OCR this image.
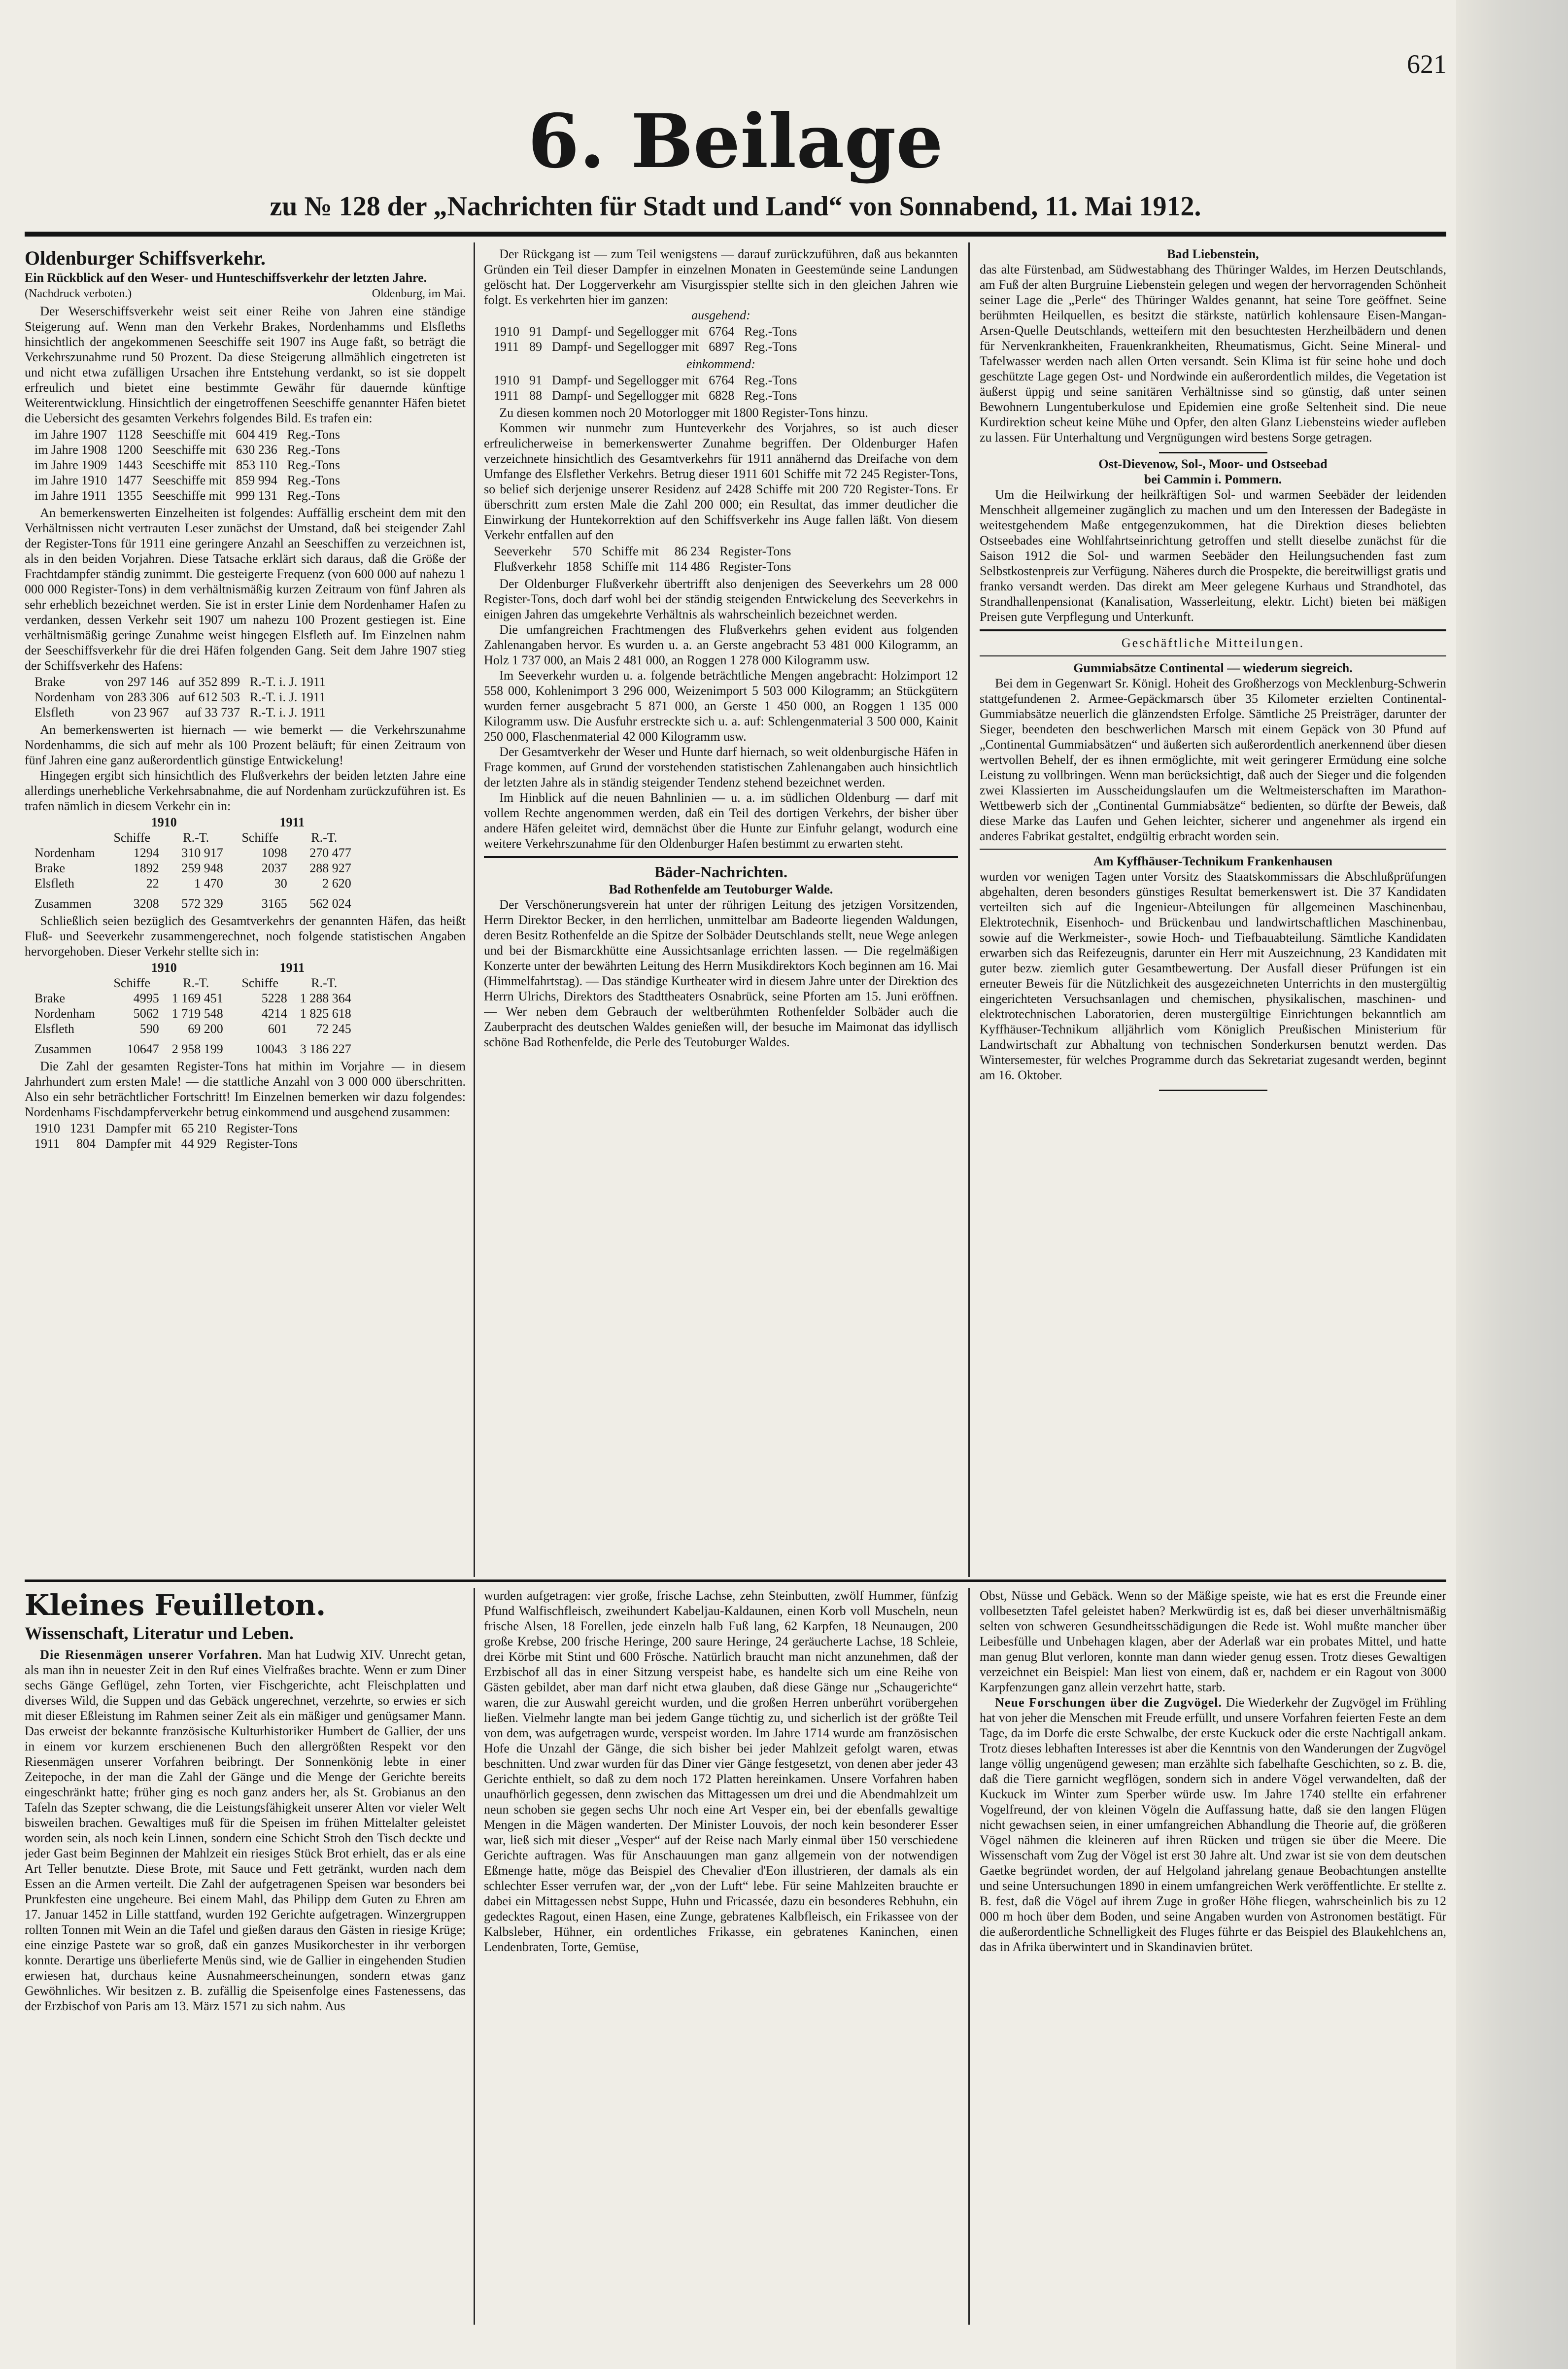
621
6. Beilage
zu № 128 der „Nachrichten für Stadt und Land“ von Sonnabend, 11. Mai 1912.
Oldenburger Schiffsverkehr.
Ein Rückblick auf den Weser- und Hunteschiffsverkehr der letzten Jahre.
(Nachdruck verboten.)	Oldenburg, im Mai.

Der Weserschiffsverkehr weist seit einer Reihe von Jahren eine ständige Steigerung auf. Wenn man den Verkehr Brakes, Nordenhamms und Elsfleths hinsichtlich der angekommenen Seeschiffe seit 1907 ins Auge faßt, so beträgt die Verkehrszunahme rund 50 Prozent. Da diese Steigerung allmählich eingetreten ist und nicht etwa zufälligen Ursachen ihre Entstehung verdankt, so ist sie doppelt erfreulich und bietet eine bestimmte Gewähr für dauernde künftige Weiterentwicklung. Hinsichtlich der eingetroffenen Seeschiffe genannter Häfen bietet die Uebersicht des gesamten Verkehrs folgendes Bild. Es trafen ein:

im Jahre 1907	1128	Seeschiffe mit	604 419	Reg.-Tons
im Jahre 1908	1200	Seeschiffe mit	630 236	Reg.-Tons
im Jahre 1909	1443	Seeschiffe mit	853 110	Reg.-Tons
im Jahre 1910	1477	Seeschiffe mit	859 994	Reg.-Tons
im Jahre 1911	1355	Seeschiffe mit	999 131	Reg.-Tons

An bemerkenswerten Einzelheiten ist folgendes: Auffällig erscheint dem mit den Verhältnissen nicht vertrauten Leser zunächst der Umstand, daß bei steigender Zahl der Register-Tons für 1911 eine geringere Anzahl an Seeschiffen zu verzeichnen ist, als in den beiden Vorjahren. Diese Tatsache erklärt sich daraus, daß die Größe der Frachtdampfer ständig zunimmt. Die gesteigerte Frequenz (von 600 000 auf nahezu 1 000 000 Register-Tons) in dem verhältnismäßig kurzen Zeitraum von fünf Jahren als sehr erheblich bezeichnet werden. Sie ist in erster Linie dem Nordenhamer Hafen zu verdanken, dessen Verkehr seit 1907 um nahezu 100 Prozent gestiegen ist. Eine verhältnismäßig geringe Zunahme weist hingegen Elsfleth auf. Im Einzelnen nahm der Seeschiffsverkehr für die drei Häfen folgenden Gang. Seit dem Jahre 1907 stieg der Schiffsverkehr des Hafens:

Brake	von 297 146	auf 352 899	R.-T. i. J. 1911
Nordenham	von 283 306	auf 612 503	R.-T. i. J. 1911
Elsfleth	von 23 967	auf 33 737	R.-T. i. J. 1911

An bemerkenswerten ist hiernach — wie bemerkt — die Verkehrszunahme Nordenhamms, die sich auf mehr als 100 Prozent beläuft; für einen Zeitraum von fünf Jahren eine ganz außerordentlich günstige Entwickelung!

Hingegen ergibt sich hinsichtlich des Flußverkehrs der beiden letzten Jahre eine allerdings unerhebliche Verkehrsabnahme, die auf Nordenham zurückzuführen ist. Es trafen nämlich in diesem Verkehr ein in:

	1910		1911	
	Schiffe	R.-T.	Schiffe	R.-T.
Nordenham	1294	310 917	1098	270 477
Brake	1892	259 948	2037	288 927
Elsfleth	22	1 470	30	2 620
Zusammen	3208	572 329	3165	562 024

Schließlich seien bezüglich des Gesamtverkehrs der genannten Häfen, das heißt Fluß- und Seeverkehr zusammengerechnet, noch folgende statistischen Angaben hervorgehoben. Dieser Verkehr stellte sich in:

	1910		1911	
	Schiffe	R.-T.	Schiffe	R.-T.
Brake	4995	1 169 451	5228	1 288 364
Nordenham	5062	1 719 548	4214	1 825 618
Elsfleth	590	69 200	601	72 245
Zusammen	10647	2 958 199	10043	3 186 227

Die Zahl der gesamten Register-Tons hat mithin im Vorjahre — in diesem Jahrhundert zum ersten Male! — die stattliche Anzahl von 3 000 000 überschritten. Also ein sehr beträchtlicher Fortschritt! Im Einzelnen bemerken wir dazu folgendes: Nordenhams Fischdampferverkehr betrug einkommend und ausgehend zusammen:

1910	1231	Dampfer mit	65 210	Register-Tons
1911	804	Dampfer mit	44 929	Register-Tons

Der Rückgang ist — zum Teil wenigstens — darauf zurückzuführen, daß aus bekannten Gründen ein Teil dieser Dampfer in einzelnen Monaten in Geestemünde seine Landungen gelöscht hat. Der Loggerverkehr am Visurgisspier stellte sich in den gleichen Jahren wie folgt. Es verkehrten hier im ganzen:

ausgehend:
1910	91	Dampf- und Segellogger mit	6764	Reg.-Tons
1911	89	Dampf- und Segellogger mit	6897	Reg.-Tons
einkommend:
1910	91	Dampf- und Segellogger mit	6764	Reg.-Tons
1911	88	Dampf- und Segellogger mit	6828	Reg.-Tons

Zu diesen kommen noch 20 Motorlogger mit 1800 Register-Tons hinzu.

Kommen wir nunmehr zum Hunteverkehr des Vorjahres, so ist auch dieser erfreulicherweise in bemerkenswerter Zunahme begriffen. Der Oldenburger Hafen verzeichnete hinsichtlich des Gesamtverkehrs für 1911 annähernd das Dreifache von dem Umfange des Elsflether Verkehrs. Betrug dieser 1911 601 Schiffe mit 72 245 Register-Tons, so belief sich derjenige unserer Residenz auf 2428 Schiffe mit 200 720 Register-Tons. Er überschritt zum ersten Male die Zahl 200 000; ein Resultat, das immer deutlicher die Einwirkung der Huntekorrektion auf den Schiffsverkehr ins Auge fallen läßt. Von diesem Verkehr entfallen auf den

Seeverkehr	570	Schiffe mit	86 234	Register-Tons
Flußverkehr	1858	Schiffe mit	114 486	Register-Tons

Der Oldenburger Flußverkehr übertrifft also denjenigen des Seeverkehrs um 28 000 Register-Tons, doch darf wohl bei der ständig steigenden Entwickelung des Seeverkehrs in einigen Jahren das umgekehrte Verhältnis als wahrscheinlich bezeichnet werden.

Die umfangreichen Frachtmengen des Flußverkehrs gehen evident aus folgenden Zahlenangaben hervor. Es wurden u. a. an Gerste angebracht 53 481 000 Kilogramm, an Holz 1 737 000, an Mais 2 481 000, an Roggen 1 278 000 Kilogramm usw.

Im Seeverkehr wurden u. a. folgende beträchtliche Mengen angebracht: Holzimport 12 558 000, Kohlenimport 3 296 000, Weizenimport 5 503 000 Kilogramm; an Stückgütern wurden ferner ausgebracht 5 871 000, an Gerste 1 450 000, an Roggen 1 135 000 Kilogramm usw. Die Ausfuhr erstreckte sich u. a. auf: Schlengenmaterial 3 500 000, Kainit 250 000, Flaschenmaterial 42 000 Kilogramm usw.

Der Gesamtverkehr der Weser und Hunte darf hiernach, so weit oldenburgische Häfen in Frage kommen, auf Grund der vorstehenden statistischen Zahlenangaben auch hinsichtlich der letzten Jahre als in ständig steigender Tendenz stehend bezeichnet werden.

Im Hinblick auf die neuen Bahnlinien — u. a. im südlichen Oldenburg — darf mit vollem Rechte angenommen werden, daß ein Teil des dortigen Verkehrs, der bisher über andere Häfen geleitet wird, demnächst über die Hunte zur Einfuhr gelangt, wodurch eine weitere Verkehrszunahme für den Oldenburger Hafen bestimmt zu erwarten steht.

Bäder-Nachrichten.
Bad Rothenfelde am Teutoburger Walde.

Der Verschönerungsverein hat unter der rührigen Leitung des jetzigen Vorsitzenden, Herrn Direktor Becker, in den herrlichen, unmittelbar am Badeorte liegenden Waldungen, deren Besitz Rothenfelde an die Spitze der Solbäder Deutschlands stellt, neue Wege anlegen und bei der Bismarckhütte eine Aussichtsanlage errichten lassen. — Die regelmäßigen Konzerte unter der bewährten Leitung des Herrn Musikdirektors Koch beginnen am 16. Mai (Himmelfahrtstag). — Das ständige Kurtheater wird in diesem Jahre unter der Direktion des Herrn Ulrichs, Direktors des Stadttheaters Osnabrück, seine Pforten am 15. Juni eröffnen. — Wer neben dem Gebrauch der weltberühmten Rothenfelder Solbäder auch die Zauberpracht des deutschen Waldes genießen will, der besuche im Maimonat das idyllisch schöne Bad Rothenfelde, die Perle des Teutoburger Waldes.

Bad Liebenstein,

das alte Fürstenbad, am Südwestabhang des Thüringer Waldes, im Herzen Deutschlands, am Fuß der alten Burgruine Liebenstein gelegen und wegen der hervorragenden Schönheit seiner Lage die „Perle“ des Thüringer Waldes genannt, hat seine Tore geöffnet. Seine berühmten Heilquellen, es besitzt die stärkste, natürlich kohlensaure Eisen-Mangan-Arsen-Quelle Deutschlands, wetteifern mit den besuchtesten Herzheilbädern und denen für Nervenkrankheiten, Frauenkrankheiten, Rheumatismus, Gicht. Seine Mineral- und Tafelwasser werden nach allen Orten versandt. Sein Klima ist für seine hohe und doch geschützte Lage gegen Ost- und Nordwinde ein außerordentlich mildes, die Vegetation ist äußerst üppig und seine sanitären Verhältnisse sind so günstig, daß unter seinen Bewohnern Lungentuberkulose und Epidemien eine große Seltenheit sind. Die neue Kurdirektion scheut keine Mühe und Opfer, den alten Glanz Liebensteins wieder aufleben zu lassen. Für Unterhaltung und Vergnügungen wird bestens Sorge getragen.

Ost-Dievenow, Sol-, Moor- und Ostseebad
bei Cammin i. Pommern.

Um die Heilwirkung der heilkräftigen Sol- und warmen Seebäder der leidenden Menschheit allgemeiner zugänglich zu machen und um den Interessen der Badegäste in weitestgehendem Maße entgegenzukommen, hat die Direktion dieses beliebten Ostseebades eine Wohlfahrtseinrichtung getroffen und stellt dieselbe zunächst für die Saison 1912 die Sol- und warmen Seebäder den Heilungsuchenden fast zum Selbstkostenpreis zur Verfügung. Näheres durch die Prospekte, die bereitwilligst gratis und franko versandt werden. Das direkt am Meer gelegene Kurhaus und Strandhotel, das Strandhallenpensionat (Kanalisation, Wasserleitung, elektr. Licht) bieten bei mäßigen Preisen gute Verpflegung und Unterkunft.

Geschäftliche Mitteilungen.
Gummiabsätze Continental — wiederum siegreich.

Bei dem in Gegenwart Sr. Königl. Hoheit des Großherzogs von Mecklenburg-Schwerin stattgefundenen 2. Armee-Gepäckmarsch über 35 Kilometer erzielten Continental-Gummiabsätze neuerlich die glänzendsten Erfolge. Sämtliche 25 Preisträger, darunter der Sieger, beendeten den beschwerlichen Marsch mit einem Gepäck von 30 Pfund auf „Continental Gummiabsätzen“ und äußerten sich außerordentlich anerkennend über diesen wertvollen Behelf, der es ihnen ermöglichte, mit weit geringerer Ermüdung eine solche Leistung zu vollbringen. Wenn man berücksichtigt, daß auch der Sieger und die folgenden zwei Klassierten im Ausscheidungslaufen um die Weltmeisterschaften im Marathon-Wettbewerb sich der „Continental Gummiabsätze“ bedienten, so dürfte der Beweis, daß diese Marke das Laufen und Gehen leichter, sicherer und angenehmer als irgend ein anderes Fabrikat gestaltet, endgültig erbracht worden sein.

Am Kyffhäuser-Technikum Frankenhausen

wurden vor wenigen Tagen unter Vorsitz des Staatskommissars die Abschlußprüfungen abgehalten, deren besonders günstiges Resultat bemerkenswert ist. Die 37 Kandidaten verteilten sich auf die Ingenieur-Abteilungen für allgemeinen Maschinenbau, Elektrotechnik, Eisenhoch- und Brückenbau und landwirtschaftlichen Maschinenbau, sowie auf die Werkmeister-, sowie Hoch- und Tiefbauabteilung. Sämtliche Kandidaten erwarben sich das Reifezeugnis, darunter ein Herr mit Auszeichnung, 23 Kandidaten mit guter bezw. ziemlich guter Gesamtbewertung. Der Ausfall dieser Prüfungen ist ein erneuter Beweis für die Nützlichkeit des ausgezeichneten Unterrichts in den mustergültig eingerichteten Versuchsanlagen und chemischen, physikalischen, maschinen- und elektrotechnischen Laboratorien, deren mustergültige Einrichtungen bekanntlich am Kyffhäuser-Technikum alljährlich vom Königlich Preußischen Ministerium für Landwirtschaft zur Abhaltung von technischen Sonderkursen benutzt werden. Das Wintersemester, für welches Programme durch das Sekretariat zugesandt werden, beginnt am 16. Oktober.

Kleines Feuilleton.
Wissenschaft, Literatur und Leben.

Die Riesenmägen unserer Vorfahren. Man hat Ludwig XIV. Unrecht getan, als man ihn in neuester Zeit in den Ruf eines Vielfraßes brachte. Wenn er zum Diner sechs Gänge Geflügel, zehn Torten, vier Fischgerichte, acht Fleischplatten und diverses Wild, die Suppen und das Gebäck ungerechnet, verzehrte, so erwies er sich mit dieser Eßleistung im Rahmen seiner Zeit als ein mäßiger und genügsamer Mann. Das erweist der bekannte französische Kulturhistoriker Humbert de Gallier, der uns in einem vor kurzem erschienenen Buch den allergrößten Respekt vor den Riesenmägen unserer Vorfahren beibringt. Der Sonnenkönig lebte in einer Zeitepoche, in der man die Zahl der Gänge und die Menge der Gerichte bereits eingeschränkt hatte; früher ging es noch ganz anders her, als St. Grobianus an den Tafeln das Szepter schwang, die die Leistungsfähigkeit unserer Alten vor vieler Welt bisweilen brachen. Gewaltiges muß für die Speisen im frühen Mittelalter geleistet worden sein, als noch kein Linnen, sondern eine Schicht Stroh den Tisch deckte und jeder Gast beim Beginnen der Mahlzeit ein riesiges Stück Brot erhielt, das er als eine Art Teller benutzte. Diese Brote, mit Sauce und Fett getränkt, wurden nach dem Essen an die Armen verteilt. Die Zahl der aufgetragenen Speisen war besonders bei Prunkfesten eine ungeheure. Bei einem Mahl, das Philipp dem Guten zu Ehren am 17. Januar 1452 in Lille stattfand, wurden 192 Gerichte aufgetragen. Winzergruppen rollten Tonnen mit Wein an die Tafel und gießen daraus den Gästen in riesige Krüge; eine einzige Pastete war so groß, daß ein ganzes Musikorchester in ihr verborgen konnte. Derartige uns überlieferte Menüs sind, wie de Gallier in eingehenden Studien erwiesen hat, durchaus keine Ausnahmeerscheinungen, sondern etwas ganz Gewöhnliches. Wir besitzen z. B. zufällig die Speisenfolge eines Fastenessens, das der Erzbischof von Paris am 13. März 1571 zu sich nahm. Aus

wurden aufgetragen: vier große, frische Lachse, zehn Steinbutten, zwölf Hummer, fünfzig Pfund Walfischfleisch, zweihundert Kabeljau-Kaldaunen, einen Korb voll Muscheln, neun frische Alsen, 18 Forellen, jede einzeln halb Fuß lang, 62 Karpfen, 18 Neunaugen, 200 große Krebse, 200 frische Heringe, 200 saure Heringe, 24 geräucherte Lachse, 18 Schleie, drei Körbe mit Stint und 600 Frösche. Natürlich braucht man nicht anzunehmen, daß der Erzbischof all das in einer Sitzung verspeist habe, es handelte sich um eine Reihe von Gästen gebildet, aber man darf nicht etwa glauben, daß diese Gänge nur „Schaugerichte“ waren, die zur Auswahl gereicht wurden, und die großen Herren unberührt vorübergehen ließen. Vielmehr langte man bei jedem Gange tüchtig zu, und sicherlich ist der größte Teil von dem, was aufgetragen wurde, verspeist worden. Im Jahre 1714 wurde am französischen Hofe die Unzahl der Gänge, die sich bisher bei jeder Mahlzeit gefolgt waren, etwas beschnitten. Und zwar wurden für das Diner vier Gänge festgesetzt, von denen aber jeder 43 Gerichte enthielt, so daß zu dem noch 172 Platten hereinkamen. Unsere Vorfahren haben unaufhörlich gegessen, denn zwischen das Mittagessen um drei und die Abendmahlzeit um neun schoben sie gegen sechs Uhr noch eine Art Vesper ein, bei der ebenfalls gewaltige Mengen in die Mägen wanderten. Der Minister Louvois, der noch kein besonderer Esser war, ließ sich mit dieser „Vesper“ auf der Reise nach Marly einmal über 150 verschiedene Gerichte auftragen. Was für Anschauungen man ganz allgemein von der notwendigen Eßmenge hatte, möge das Beispiel des Chevalier d'Eon illustrieren, der damals als ein schlechter Esser verrufen war, der „von der Luft“ lebe. Für seine Mahlzeiten brauchte er dabei ein Mittagessen nebst Suppe, Huhn und Fricassée, dazu ein besonderes Rebhuhn, ein gedecktes Ragout, einen Hasen, eine Zunge, gebratenes Kalbfleisch, ein Frikassee von der Kalbsleber, Hühner, ein ordentliches Frikasse, ein gebratenes Kaninchen, einen Lendenbraten, Torte, Gemüse,

Obst, Nüsse und Gebäck. Wenn so der Mäßige speiste, wie hat es erst die Freunde einer vollbesetzten Tafel geleistet haben? Merkwürdig ist es, daß bei dieser unverhältnismäßig selten von schweren Gesundheitsschädigungen die Rede ist. Wohl mußte mancher über Leibesfülle und Unbehagen klagen, aber der Aderlaß war ein probates Mittel, und hatte man genug Blut verloren, konnte man dann wieder genug essen. Trotz dieses Gewaltigen verzeichnet ein Beispiel: Man liest von einem, daß er, nachdem er ein Ragout von 3000 Karpfenzungen ganz allein verzehrt hatte, starb.

Neue Forschungen über die Zugvögel. Die Wiederkehr der Zugvögel im Frühling hat von jeher die Menschen mit Freude erfüllt, und unsere Vorfahren feierten Feste an dem Tage, da im Dorfe die erste Schwalbe, der erste Kuckuck oder die erste Nachtigall ankam. Trotz dieses lebhaften Interesses ist aber die Kenntnis von den Wanderungen der Zugvögel lange völlig ungenügend gewesen; man erzählte sich fabelhafte Geschichten, so z. B. die, daß die Tiere garnicht wegflögen, sondern sich in andere Vögel verwandelten, daß der Kuckuck im Winter zum Sperber würde usw. Im Jahre 1740 stellte ein erfahrener Vogelfreund, der von kleinen Vögeln die Auffassung hatte, daß sie den langen Flügen nicht gewachsen seien, in einer umfangreichen Abhandlung die Theorie auf, die größeren Vögel nähmen die kleineren auf ihren Rücken und trügen sie über die Meere. Die Wissenschaft vom Zug der Vögel ist erst 30 Jahre alt. Und zwar ist sie von dem deutschen Gaetke begründet worden, der auf Helgoland jahrelang genaue Beobachtungen anstellte und seine Untersuchungen 1890 in einem umfangreichen Werk veröffentlichte. Er stellte z. B. fest, daß die Vögel auf ihrem Zuge in großer Höhe fliegen, wahrscheinlich bis zu 12 000 m hoch über dem Boden, und seine Angaben wurden von Astronomen bestätigt. Für die außerordentliche Schnelligkeit des Fluges führte er das Beispiel des Blaukehlchens an, das in Afrika überwintert und in Skandinavien brütet.
